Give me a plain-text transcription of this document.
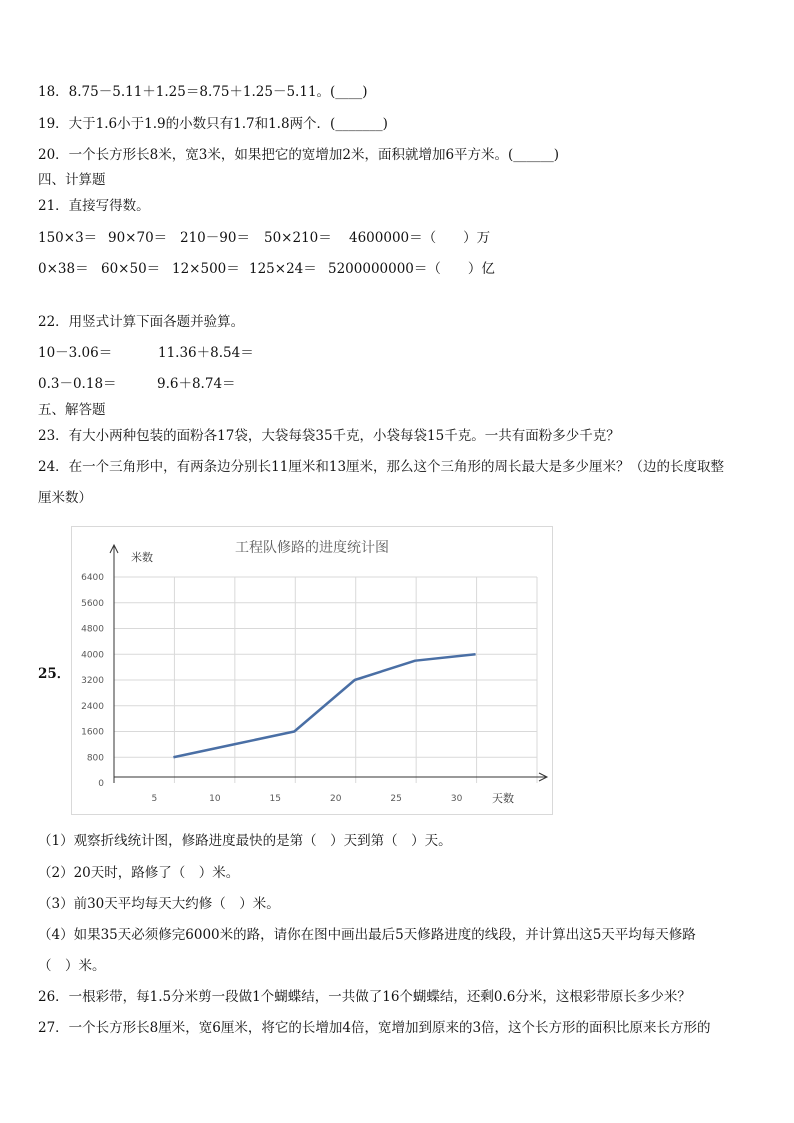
18．8.75－5.11＋1.25＝8.75＋1.25－5.11。(____)
19．大于1.6小于1.9的小数只有1.7和1.8两个．(_______)
20．一个长方形长8米，宽3米，如果把它的宽增加2米，面积就增加6平方米。(______)
四、计算题
21．直接写得数。
150×3＝ 90×70＝ 210－90＝ 50×210＝ 4600000＝（　　）万
0×38＝ 60×50＝ 12×500＝ 125×24＝ 5200000000＝（　　）亿
22．用竖式计算下面各题并验算。
10－3.06＝	11.36＋8.54＝
0.3－0.18＝	9.6＋8.74＝
五、解答题
23．有大小两种包装的面粉各17袋，大袋每袋35千克，小袋每袋15千克。一共有面粉多少千克？
24．在一个三角形中，有两条边分别长11厘米和13厘米，那么这个三角形的周长最大是多少厘米？（边的长度取整
厘米数）
25．
0
800
1600
2400
3200
4000
4800
5600
6400
5	10	15	20	25	30
工程队修路的进度统计图
米数
天数
（1）观察折线统计图，修路进度最快的是第（　）天到第（　）天。
（2）20天时，路修了（　）米。
（3）前30天平均每天大约修（　）米。
（4）如果35天必须修完6000米的路，请你在图中画出最后5天修路进度的线段，并计算出这5天平均每天修路
（　）米。
26．一根彩带，每1.5分米剪一段做1个蝴蝶结，一共做了16个蝴蝶结，还剩0.6分米，这根彩带原长多少米？
27．一个长方形长8厘米，宽6厘米，将它的长增加4倍，宽增加到原来的3倍，这个长方形的面积比原来长方形的
